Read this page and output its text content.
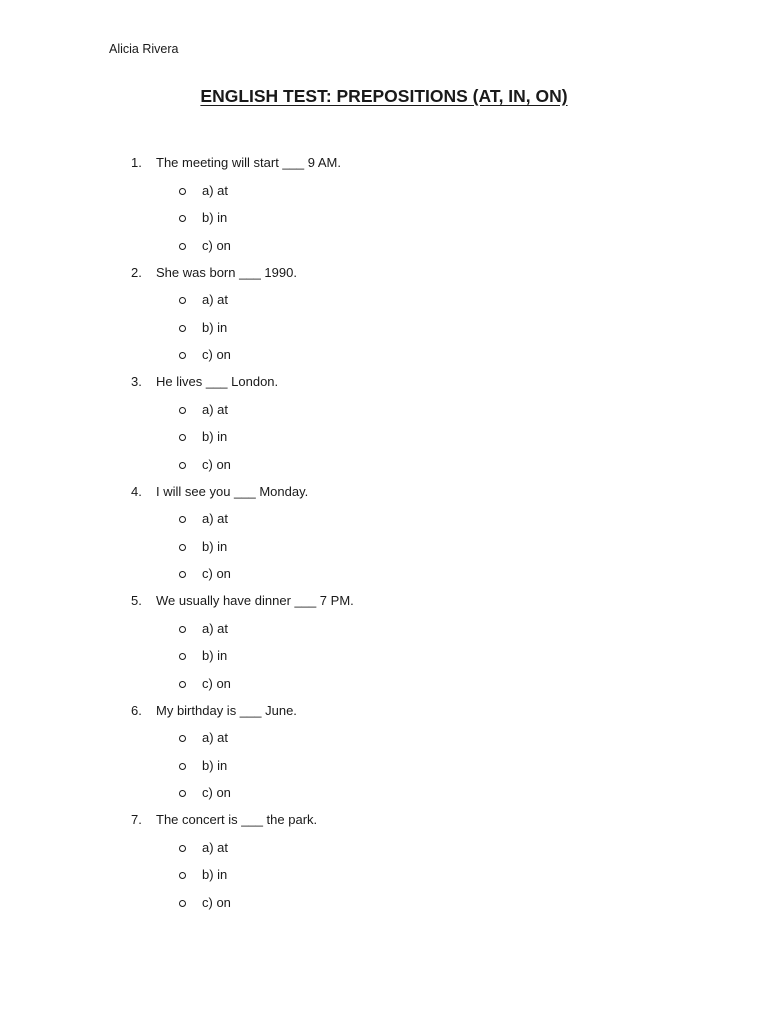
Alicia Rivera
ENGLISH TEST: PREPOSITIONS (AT, IN, ON)
1. The meeting will start ___ 9 AM.
a) at
b) in
c) on
2. She was born ___ 1990.
a) at
b) in
c) on
3. He lives ___ London.
a) at
b) in
c) on
4. I will see you ___ Monday.
a) at
b) in
c) on
5. We usually have dinner ___ 7 PM.
a) at
b) in
c) on
6. My birthday is ___ June.
a) at
b) in
c) on
7. The concert is ___ the park.
a) at
b) in
c) on
